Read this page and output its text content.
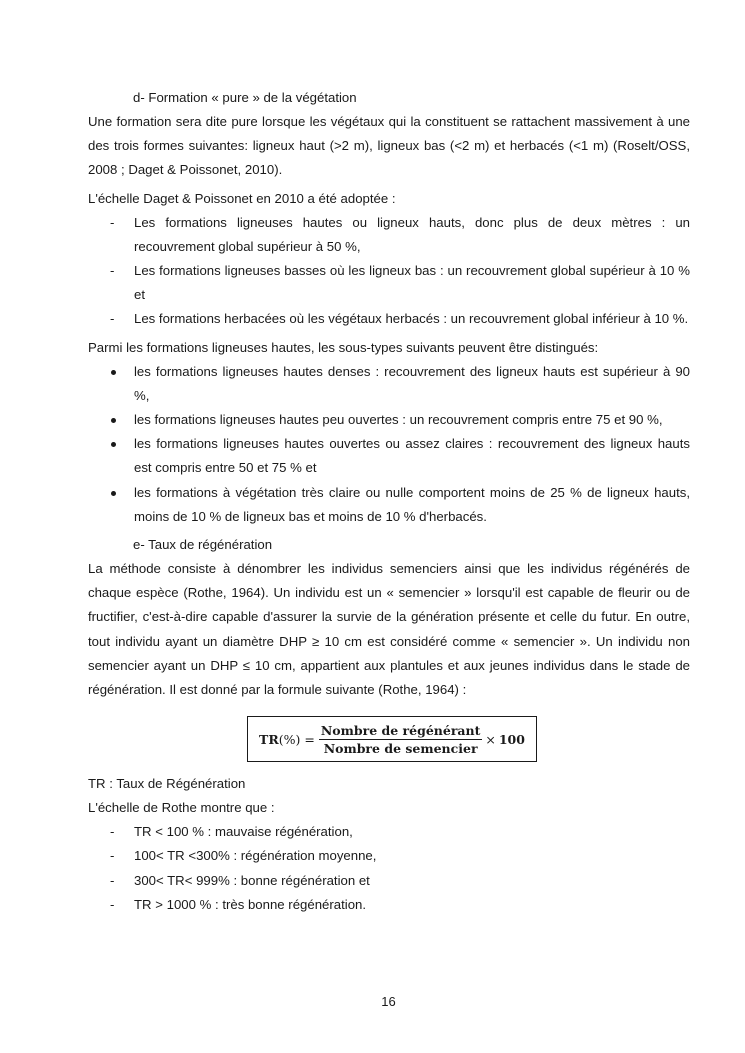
d- Formation « pure » de la végétation

Une formation sera dite pure lorsque les végétaux qui la constituent se rattachent massivement à une des trois formes suivantes: ligneux haut (>2 m), ligneux bas (<2 m) et herbacés (<1 m) (Roselt/OSS, 2008 ; Daget & Poissonet, 2010).

L'échelle Daget & Poissonet en 2010 a été adoptée :

-	Les formations ligneuses hautes ou ligneux hauts, donc plus de deux mètres : un recouvrement global supérieur à 50 %,
-	Les formations ligneuses basses où les ligneux bas : un recouvrement global supérieur à 10 % et
-	Les formations herbacées où les végétaux herbacés : un recouvrement global inférieur à 10 %.

Parmi les formations ligneuses hautes, les sous-types suivants peuvent être distingués:

les formations ligneuses hautes denses : recouvrement des ligneux hauts est supérieur à 90 %,
les formations ligneuses hautes peu ouvertes : un recouvrement compris entre 75 et 90 %,
les formations ligneuses hautes ouvertes ou assez claires : recouvrement des ligneux hauts est compris entre 50 et 75 % et
les formations à végétation très claire ou nulle comportent moins de 25 % de ligneux hauts, moins de 10 % de ligneux bas et moins de 10 % d'herbacés.

e- Taux de régénération

La méthode consiste à dénombrer les individus semenciers ainsi que les individus régénérés de chaque espèce (Rothe, 1964). Un individu est un « semencier » lorsqu'il est capable de fleurir ou de fructifier, c'est-à-dire capable d'assurer la survie de la génération présente et celle du futur. En outre, tout individu ayant un diamètre DHP ≥ 10 cm est considéré comme « semencier ». Un individu non semencier ayant un DHP ≤ 10 cm, appartient aux plantules et aux jeunes individus dans le stade de régénération. Il est donné par la formule suivante (Rothe, 1964) :

$TR(\%) = \frac{\text{Nombre de régénérant}}{\text{Nombre de semencier}} \times 100$

TR : Taux de Régénération

L'échelle de Rothe montre que :

-	TR < 100 % : mauvaise régénération,
-	100< TR <300% : régénération moyenne,
-	300< TR< 999% : bonne régénération et
-	TR > 1000 % : très bonne régénération.
16
